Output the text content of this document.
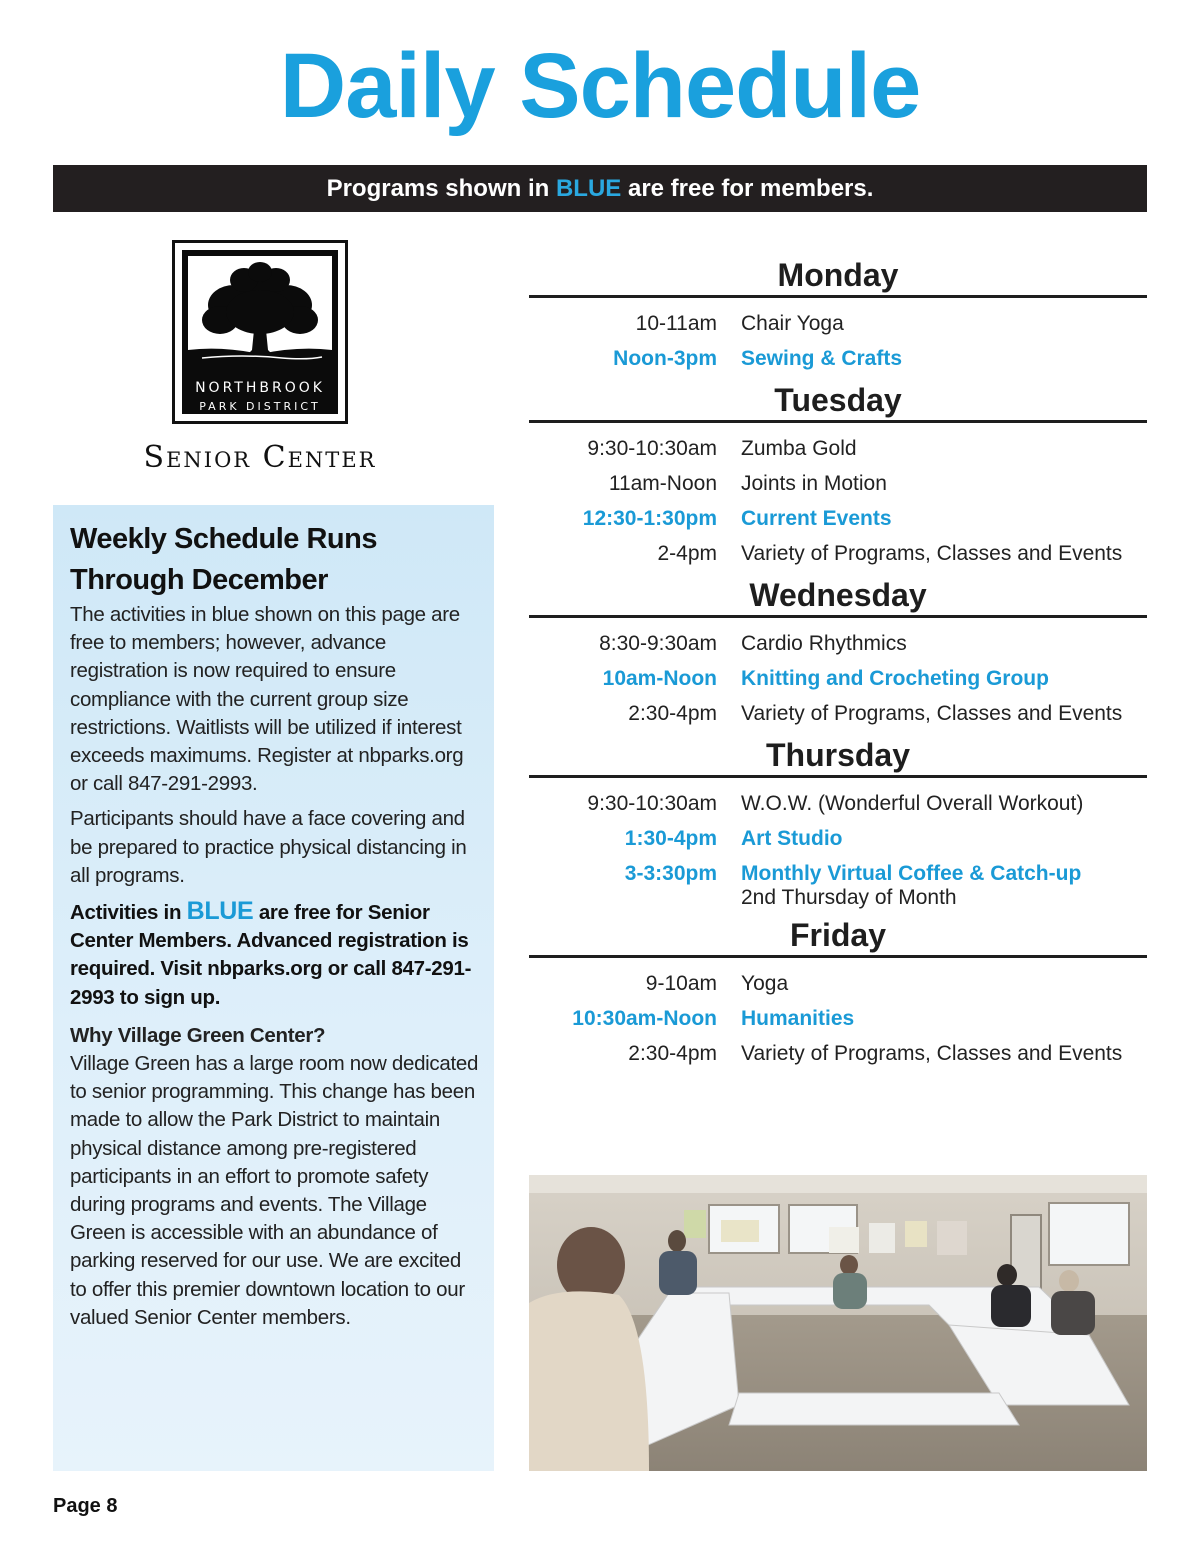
Daily Schedule
Programs shown in BLUE are free for members.
NORTHBROOK
PARK DISTRICT
Senior Center

Weekly Schedule Runs Through December

The activities in blue shown on this page are free to members; however, advance registration is now required to ensure compliance with the current group size restrictions. Waitlists will be utilized if interest exceeds maximums. Register at nbparks.org or call 847-291-2993.

Participants should have a face covering and be prepared to practice physical distancing in all programs.

Activities in BLUE are free for Senior Center Members. Advanced registration is required. Visit nbparks.org or call 847-291-2993 to sign up.

Why Village Green Center?
Village Green has a large room now dedicated to senior programming. This change has been made to allow the Park District to maintain physical distance among pre-registered participants in an effort to promote safety during programs and events. The Village Green is accessible with an abundance of parking reserved for our use. We are excited to offer this premier downtown location to our valued Senior Center members.

Monday
10-11am	Chair Yoga
Noon-3pm	Sewing & Crafts
Tuesday
9:30-10:30am	Zumba Gold
11am-Noon	Joints in Motion
12:30-1:30pm	Current Events
2-4pm	Variety of Programs, Classes and Events
Wednesday
8:30-9:30am	Cardio Rhythmics
10am-Noon	Knitting and Crocheting Group
2:30-4pm	Variety of Programs, Classes and Events
Thursday
9:30-10:30am	W.O.W. (Wonderful Overall Workout)
1:30-4pm	Art Studio
3-3:30pm	Monthly Virtual Coffee & Catch-up
2nd Thursday of Month
Friday
9-10am	Yoga
10:30am-Noon	Humanities
2:30-4pm	Variety of Programs, Classes and Events
Page 8
